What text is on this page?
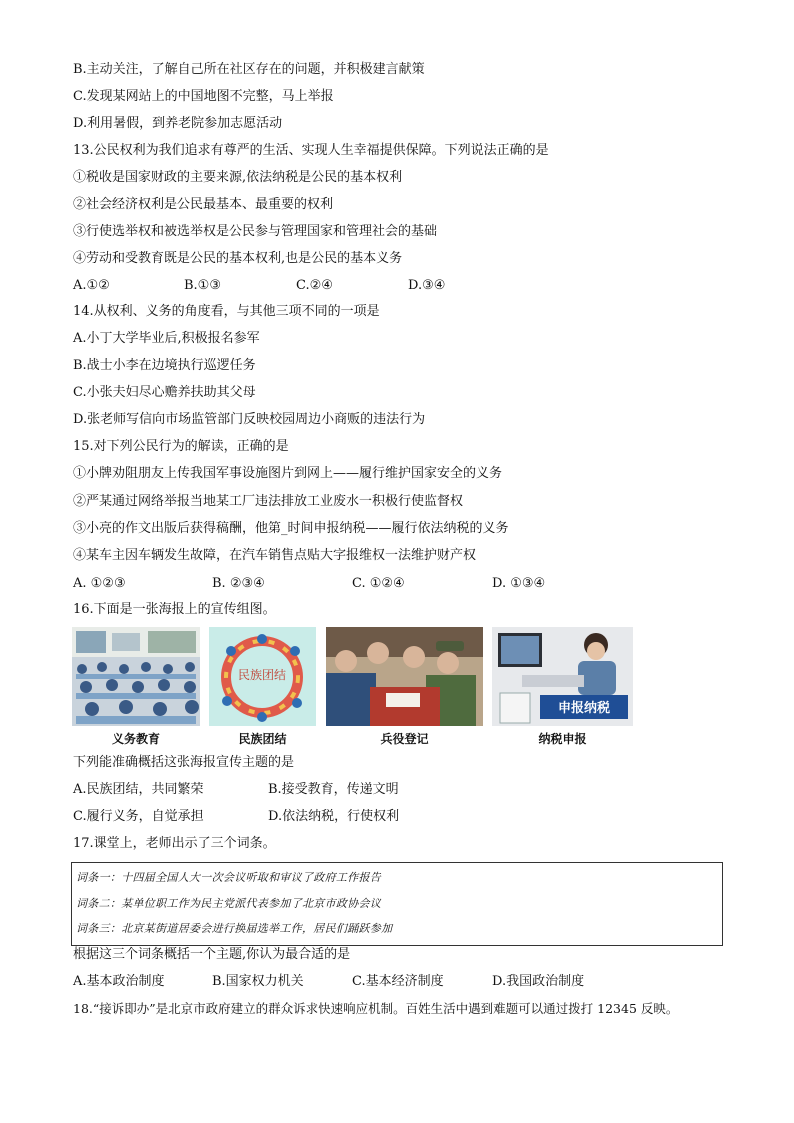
B.主动关注，了解自己所在社区存在的问题，并积极建言献策
C.发现某网站上的中国地图不完整，马上举报
D.利用暑假，到养老院参加志愿活动
13.公民权利为我们追求有尊严的生活、实现人生幸福提供保障。下列说法正确的是
①税收是国家财政的主要来源,依法纳税是公民的基本权利
②社会经济权利是公民最基本、最重要的权利
③行使选举权和被选举权是公民参与管理国家和管理社会的基础
④劳动和受教育既是公民的基本权利,也是公民的基本义务
A.①②	B.①③	C.②④	D.③④
14.从权利、义务的角度看，与其他三项不同的一项是
A.小丁大学毕业后,积极报名参军
B.战士小李在边境执行巡逻任务
C.小张夫妇尽心赡养扶助其父母
D.张老师写信向市场监管部门反映校园周边小商贩的违法行为
15.对下列公民行为的解读，正确的是
①小牌劝阻朋友上传我国军事设施图片到网上——履行维护国家安全的义务
②严某通过网络举报当地某工厂违法排放工业废水一积极行使监督权
③小亮的作文出版后获得稿酬，他第_时间申报纳税——履行依法纳税的义务
④某车主因车辆发生故障，在汽车销售点贴大字报维权一法维护财产权
A. ①②③	B. ②③④	C. ①②④	D. ①③④
16.下面是一张海报上的宣传组图。
义务教育
民族团结
民族团结	兵役登记
申报纳税
纳税申报
下列能准确概括这张海报宣传主题的是
A.民族团结，共同繁荣	B.接受教育，传递文明
C.履行义务，自觉承担	D.依法纳税，行使权利
17.课堂上，老师出示了三个词条。
词条一：十四届全国人大一次会议听取和审议了政府工作报告
词条二：某单位职工作为民主党派代表参加了北京市政协会议
词条三：北京某街道居委会进行换届选举工作，居民们踊跃参加
根据这三个词条概括一个主题,你认为最合适的是
A.基本政治制度	B.国家权力机关	C.基本经济制度	D.我国政治制度
18.“接诉即办”是北京市政府建立的群众诉求快速响应机制。百姓生活中遇到难题可以通过拨打 12345 反映。
